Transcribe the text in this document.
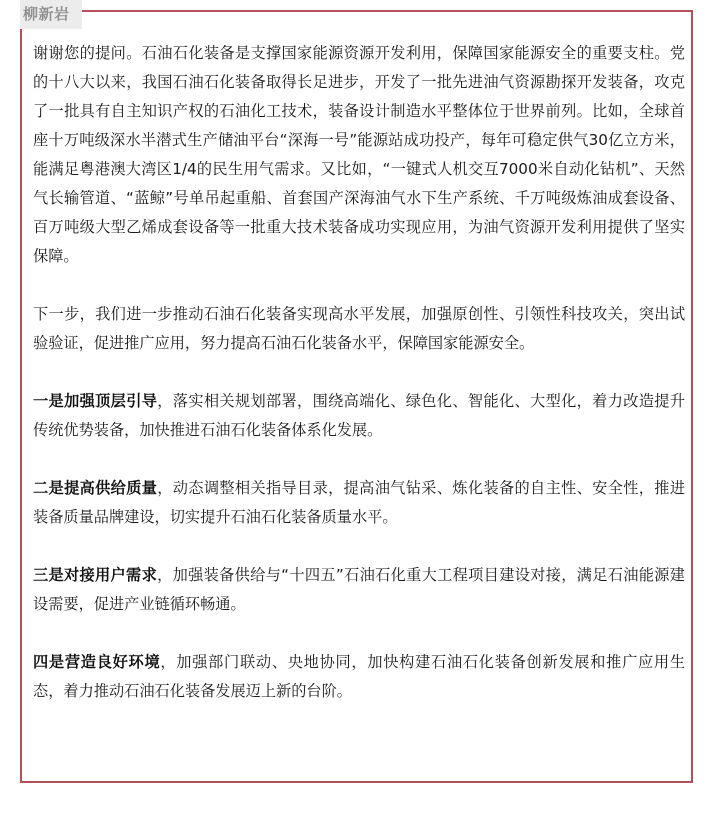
柳新岩

谢谢您的提问。石油石化装备是支撑国家能源资源开发利用，保障国家能源安全的重要支柱。党的十八大以来，我国石油石化装备取得长足进步，开发了一批先进油气资源勘探开发装备，攻克了一批具有自主知识产权的石油化工技术，装备设计制造水平整体位于世界前列。比如，全球首座十万吨级深水半潜式生产储油平台“深海一号”能源站成功投产，每年可稳定供气30亿立方米，能满足粤港澳大湾区1/4的民生用气需求。又比如，“一键式人机交互7000米自动化钻机”、天然气长输管道、“蓝鲸”号单吊起重船、首套国产深海油气水下生产系统、千万吨级炼油成套设备、百万吨级大型乙烯成套设备等一批重大技术装备成功实现应用，为油气资源开发利用提供了坚实保障。

下一步，我们进一步推动石油石化装备实现高水平发展，加强原创性、引领性科技攻关，突出试验验证，促进推广应用，努力提高石油石化装备水平，保障国家能源安全。

一是加强顶层引导，落实相关规划部署，围绕高端化、绿色化、智能化、大型化，着力改造提升传统优势装备，加快推进石油石化装备体系化发展。

二是提高供给质量，动态调整相关指导目录，提高油气钻采、炼化装备的自主性、安全性，推进装备质量品牌建设，切实提升石油石化装备质量水平。

三是对接用户需求，加强装备供给与“十四五”石油石化重大工程项目建设对接，满足石油能源建设需要，促进产业链循环畅通。

四是营造良好环境，加强部门联动、央地协同，加快构建石油石化装备创新发展和推广应用生态，着力推动石油石化装备发展迈上新的台阶。
